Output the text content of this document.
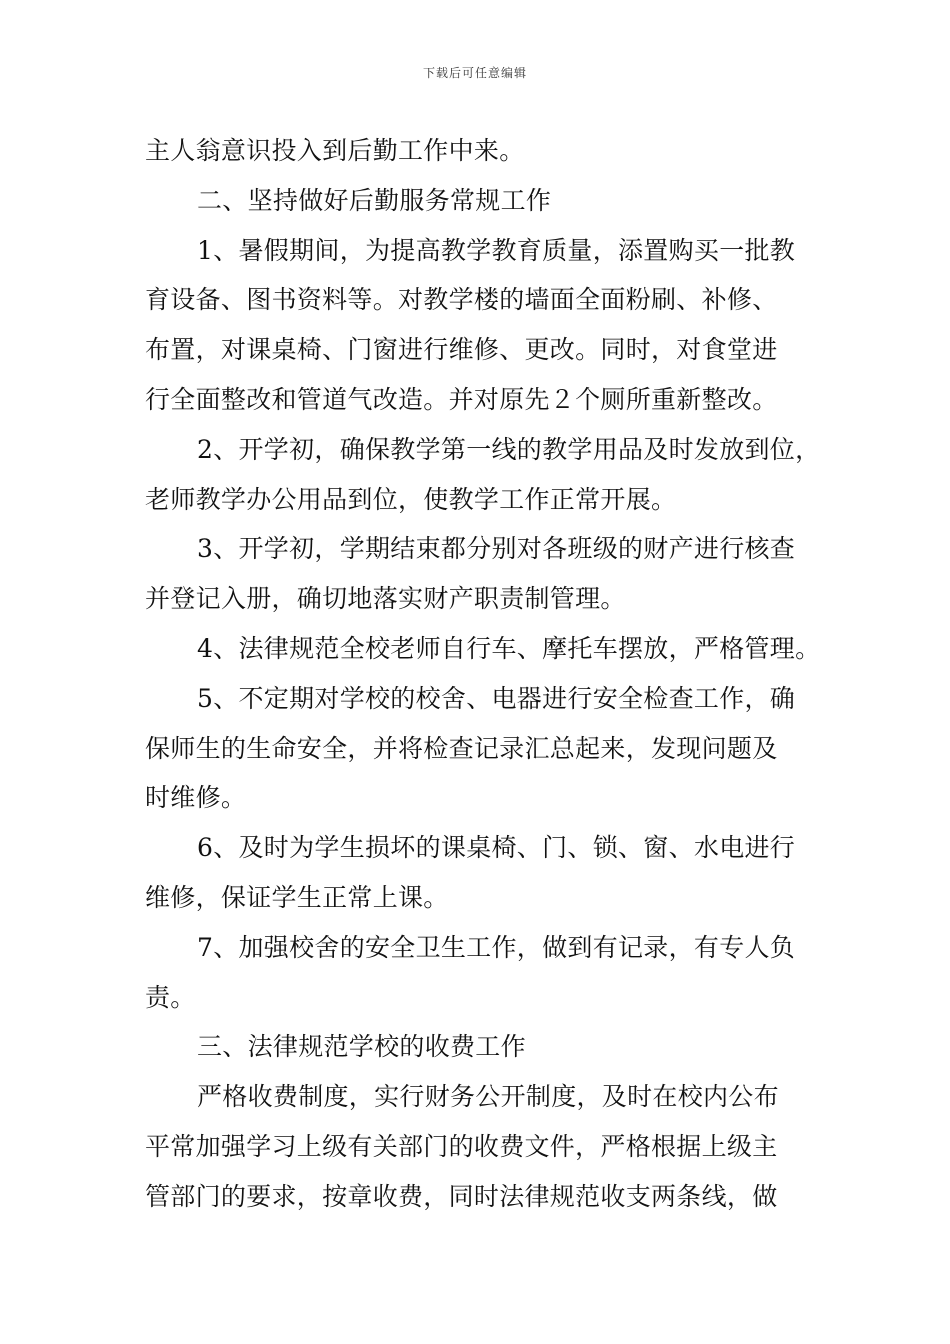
下载后可任意编辑

主人翁意识投入到后勤工作中来。

二、坚持做好后勤服务常规工作

1、暑假期间，为提高教学教育质量，添置购买一批教
育设备、图书资料等。对教学楼的墙面全面粉刷、补修、
布置，对课桌椅、门窗进行维修、更改。同时，对食堂进
行全面整改和管道气改造。并对原先２个厕所重新整改。

2、开学初，确保教学第一线的教学用品及时发放到位，
老师教学办公用品到位，使教学工作正常开展。

3、开学初，学期结束都分别对各班级的财产进行核查
并登记入册，确切地落实财产职责制管理。

4、法律规范全校老师自行车、摩托车摆放，严格管理。

5、不定期对学校的校舍、电器进行安全检查工作，确
保师生的生命安全，并将检查记录汇总起来，发现问题及
时维修。

6、及时为学生损坏的课桌椅、门、锁、窗、水电进行
维修，保证学生正常上课。

7、加强校舍的安全卫生工作，做到有记录，有专人负
责。

三、法律规范学校的收费工作

严格收费制度，实行财务公开制度，及时在校内公布
平常加强学习上级有关部门的收费文件，严格根据上级主
管部门的要求，按章收费，同时法律规范收支两条线，做
